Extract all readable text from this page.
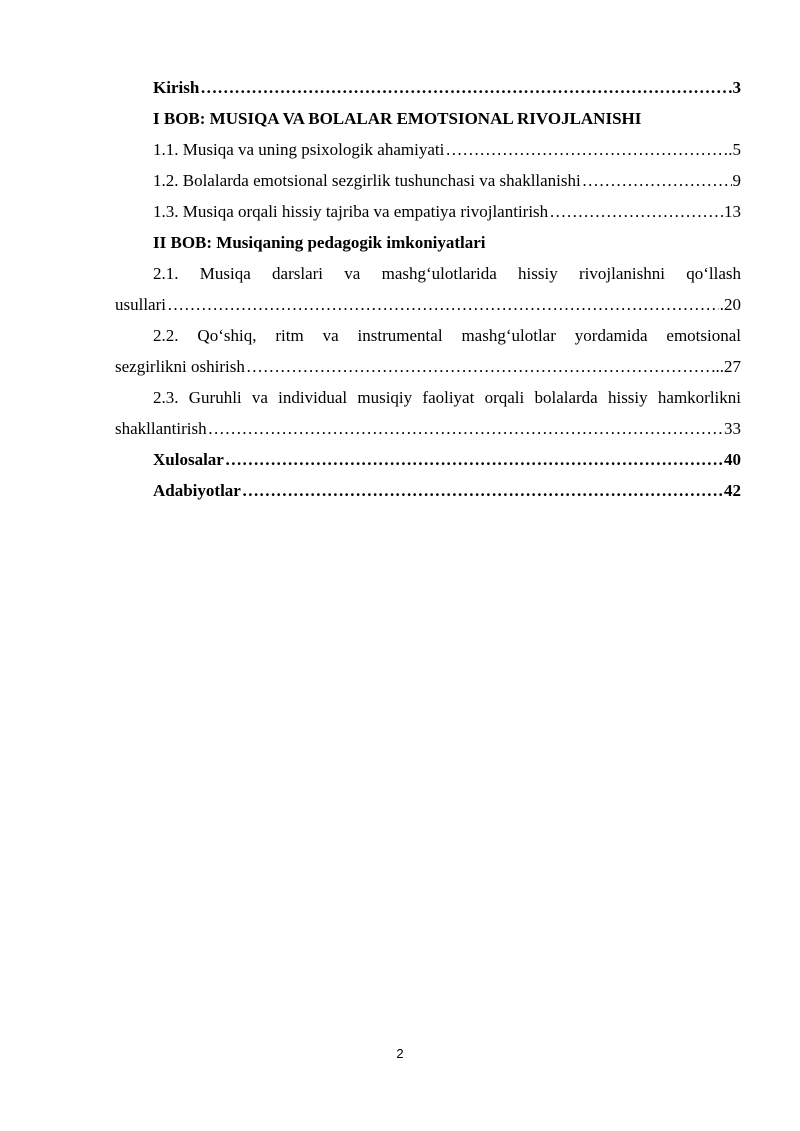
Kirish ……………………………………………………………………………………………………………………………………………………………………	.3
I BOB: MUSIQA VA BOLALAR EMOTSIONAL RIVOJLANISHI
1.1. Musiqa va uning psixologik ahamiyati ……………………………………………………………………………………………………………………………………………………………………	.5
1.2. Bolalarda emotsional sezgirlik tushunchasi va shakllanishi ……………………………………………………………………………………………………………………………………………………………………	9
1.3. Musiqa orqali hissiy tajriba va empatiya rivojlantirish ……………………………………………………………………………………………………………………………………………………………………	13
II BOB: Musiqaning pedagogik imkoniyatlari
2.1. Musiqa darslari va mashg‘ulotlarida hissiy rivojlanishni qo‘llash
usullari ……………………………………………………………………………………………………………………………………………………………………	.20
2.2. Qo‘shiq, ritm va instrumental mashg‘ulotlar yordamida emotsional
sezgirlikni oshirish ……………………………………………………………………………………………………………………………………………………………………	..27
2.3. Guruhli va individual musiqiy faoliyat orqali bolalarda hissiy hamkorlikni
shakllantirish ……………………………………………………………………………………………………………………………………………………………………	33
Xulosalar ……………………………………………………………………………………………………………………………………………………………………	40
Adabiyotlar ……………………………………………………………………………………………………………………………………………………………………	42
2
